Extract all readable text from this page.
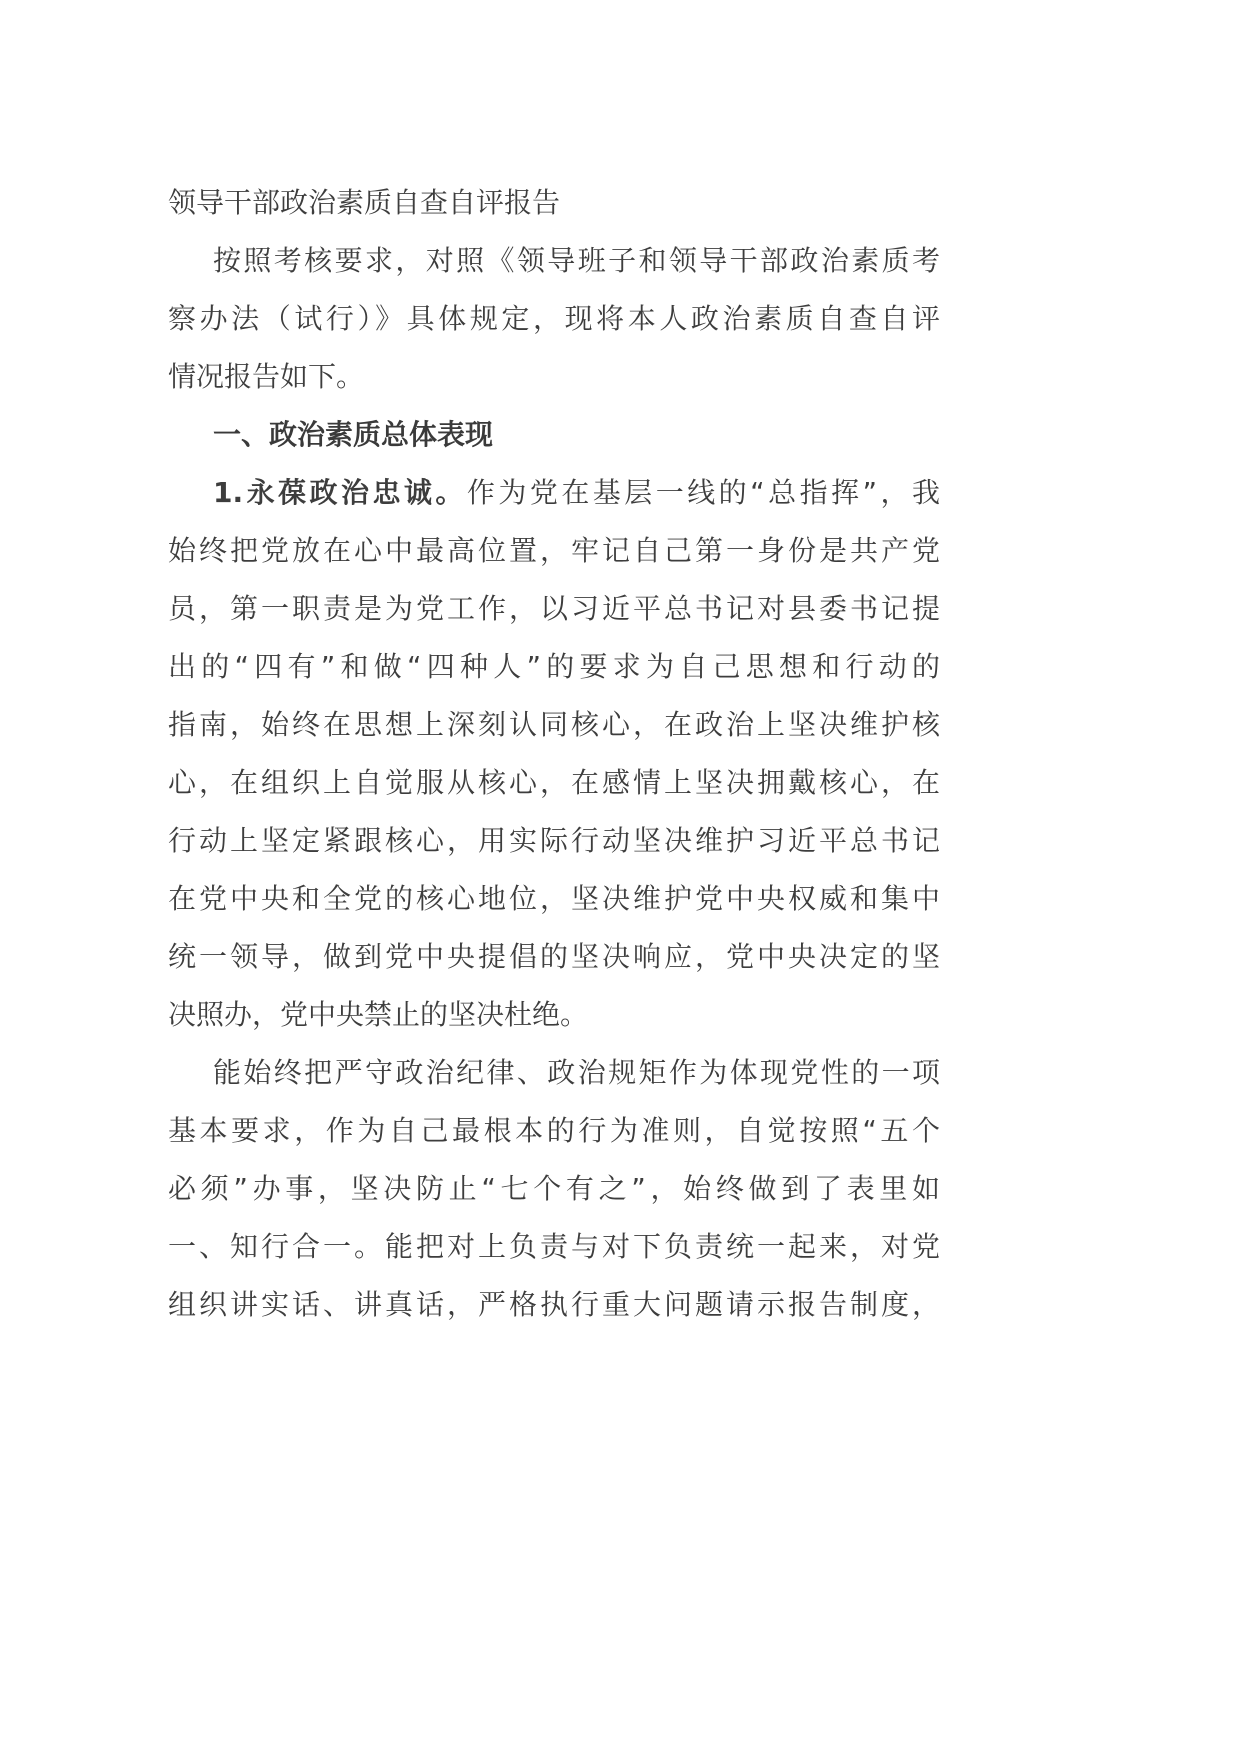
领导干部政治素质自查自评报告
按照考核要求，对照《领导班子和领导干部政治素质考
察办法（试行）》具体规定，现将本人政治素质自查自评
情况报告如下。
一、政治素质总体表现
1.永葆政治忠诚。作为党在基层一线的“总指挥”，我
始终把党放在心中最高位置，牢记自己第一身份是共产党
员，第一职责是为党工作，以习近平总书记对县委书记提
出的“四有”和做“四种人”的要求为自己思想和行动的
指南，始终在思想上深刻认同核心，在政治上坚决维护核
心，在组织上自觉服从核心，在感情上坚决拥戴核心，在
行动上坚定紧跟核心，用实际行动坚决维护习近平总书记
在党中央和全党的核心地位，坚决维护党中央权威和集中
统一领导，做到党中央提倡的坚决响应，党中央决定的坚
决照办，党中央禁止的坚决杜绝。
能始终把严守政治纪律、政治规矩作为体现党性的一项
基本要求，作为自己最根本的行为准则，自觉按照“五个
必须”办事，坚决防止“七个有之”，始终做到了表里如
一、知行合一。能把对上负责与对下负责统一起来，对党
组织讲实话、讲真话，严格执行重大问题请示报告制度，
